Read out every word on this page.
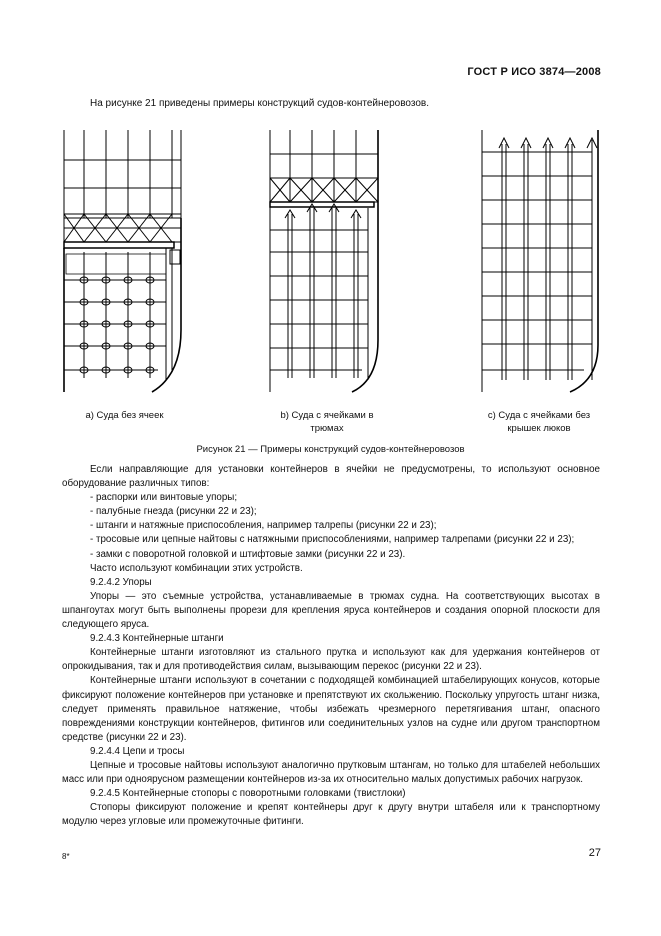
ГОСТ Р ИСО 3874—2008
На рисунке 21 приведены примеры конструкций судов-контейнеровозов.
a) Суда без ячеек	b) Суда с ячейками в
трюмах
с) Суда с ячейками без
крышек люков
Рисунок 21 — Примеры конструкций судов-контейнеровозов

Если направляющие для установки контейнеров в ячейки не предусмотрены, то используют основное оборудование различных типов:

- распорки или винтовые упоры;

- палубные гнезда (рисунки 22 и 23);

- штанги и натяжные приспособления, например талрепы (рисунки 22 и 23);

- тросовые или цепные найтовы с натяжными приспособлениями, например талрепами (рисунки 22 и 23);

- замки с поворотной головкой и штифтовые замки (рисунки 22 и 23).

Часто используют комбинации этих устройств.

9.2.4.2 Упоры

Упоры — это съемные устройства, устанавливаемые в трюмах судна. На соответствующих высотах в шпангоутах могут быть выполнены прорези для крепления яруса контейнеров и создания опорной плоскости для следующего яруса.

9.2.4.3 Контейнерные штанги

Контейнерные штанги изготовляют из стального прутка и используют как для удержания контейнеров от опрокидывания, так и для противодействия силам, вызывающим перекос (рисунки 22 и 23).

Контейнерные штанги используют в сочетании с подходящей комбинацией штабелирующих конусов, которые фиксируют положение контейнеров при установке и препятствуют их скольжению. Поскольку упругость штанг низка, следует применять правильное натяжение, чтобы избежать чрезмерного перетягивания штанг, опасного повреждениями конструкции контейнеров, фитингов или соединительных узлов на судне или другом транспортном средстве (рисунки 22 и 23).

9.2.4.4 Цепи и тросы

Цепные и тросовые найтовы используют аналогично прутковым штангам, но только для штабелей небольших масс или при одноярусном размещении контейнеров из-за их относительно малых допустимых рабочих нагрузок.

9.2.4.5 Контейнерные стопоры с поворотными головками (твистлоки)

Стопоры фиксируют положение и крепят контейнеры друг к другу внутри штабеля или к транспортному модулю через угловые или промежуточные фитинги.

8*	27
